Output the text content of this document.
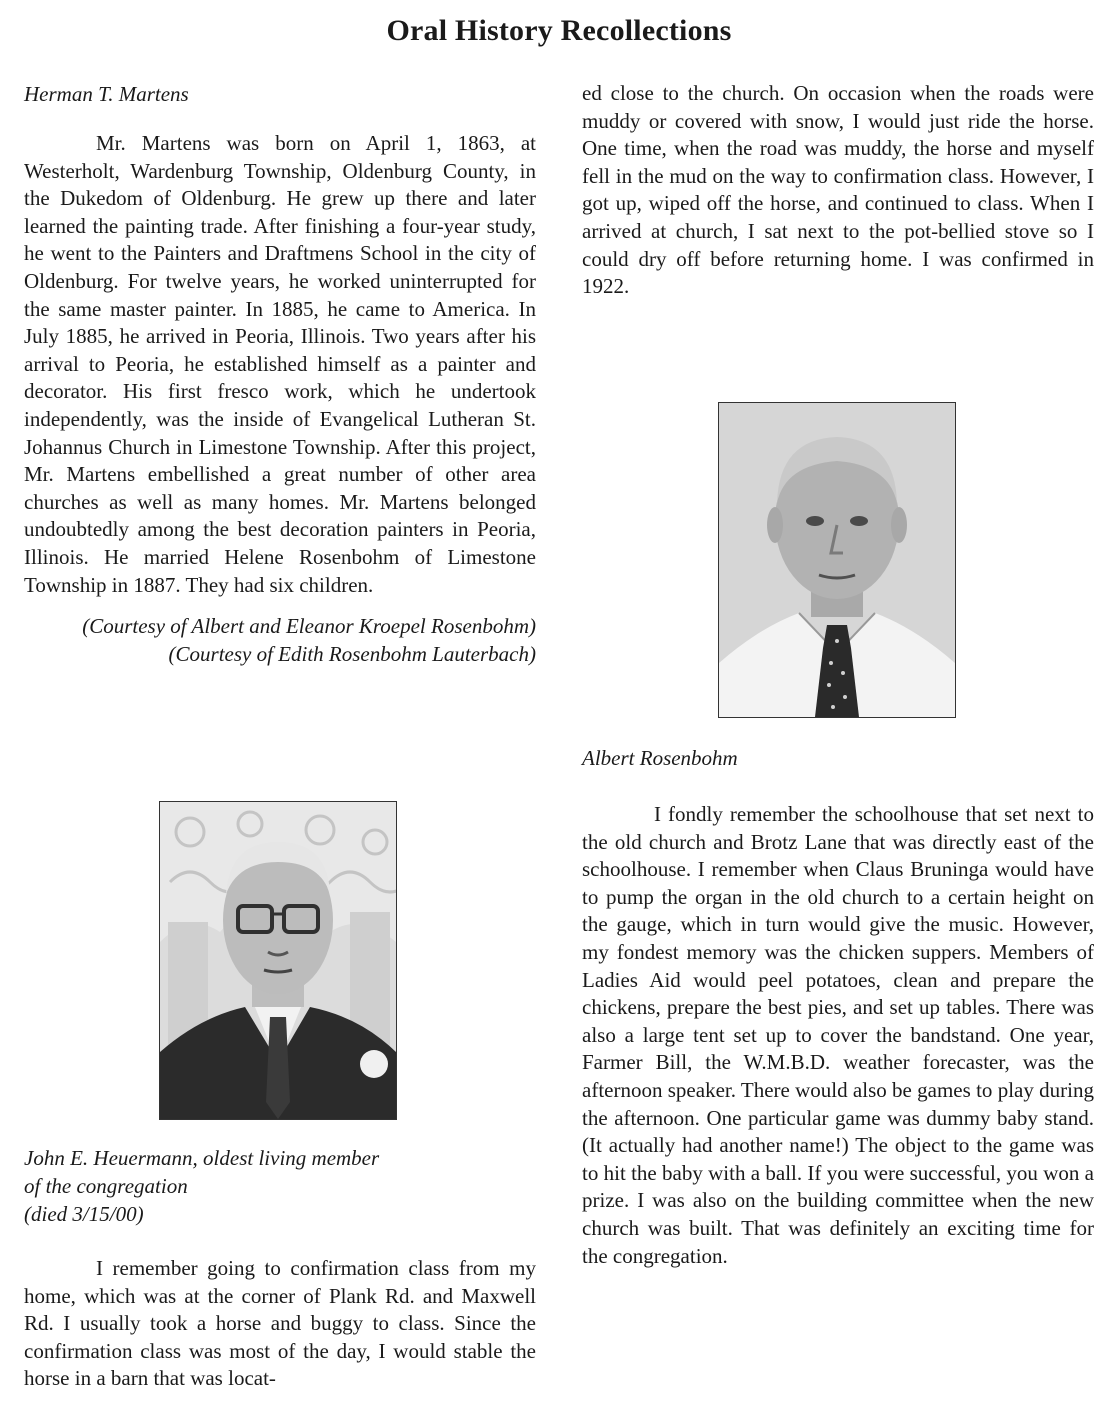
Oral History Recollections

Herman T. Martens

Mr. Martens was born on April 1, 1863, at Westerholt, Wardenburg Township, Oldenburg County, in the Dukedom of Oldenburg. He grew up there and later learned the painting trade. After finishing a four-year study, he went to the Painters and Draftmens School in the city of Oldenburg. For twelve years, he worked uninterrupted for the same master painter. In 1885, he came to America. In July 1885, he arrived in Peoria, Illinois. Two years after his arrival to Peoria, he established himself as a painter and decorator. His first fresco work, which he undertook independently, was the inside of Evangelical Lutheran St. Johannus Church in Limestone Township. After this project, Mr. Martens embellished a great number of other area churches as well as many homes. Mr. Martens belonged undoubtedly among the best decoration painters in Peoria, Illinois. He married Helene Rosenbohm of Limestone Township in 1887. They had six children.

(Courtesy of Albert and Eleanor Kroepel Rosenbohm)

(Courtesy of Edith Rosenbohm Lauterbach)

John E. Heuermann, oldest living member

of the congregation

(died 3/15/00)

I remember going to confirmation class from my home, which was at the corner of Plank Rd. and Maxwell Rd. I usually took a horse and buggy to class. Since the confirmation class was most of the day, I would stable the horse in a barn that was locat-

ed close to the church. On occasion when the roads were muddy or covered with snow, I would just ride the horse. One time, when the road was muddy, the horse and myself fell in the mud on the way to confirmation class. However, I got up, wiped off the horse, and continued to class. When I arrived at church, I sat next to the pot-bellied stove so I could dry off before returning home. I was confirmed in 1922.

Albert Rosenbohm

I fondly remember the schoolhouse that set next to the old church and Brotz Lane that was directly east of the schoolhouse. I remember when Claus Bruninga would have to pump the organ in the old church to a certain height on the gauge, which in turn would give the music. However, my fondest memory was the chicken suppers. Members of Ladies Aid would peel potatoes, clean and prepare the chickens, prepare the best pies, and set up tables. There was also a large tent set up to cover the bandstand. One year, Farmer Bill, the W.M.B.D. weather forecaster, was the afternoon speaker. There would also be games to play during the afternoon. One particular game was dummy baby stand. (It actually had another name!) The object to the game was to hit the baby with a ball. If you were successful, you won a prize. I was also on the building committee when the new church was built. That was definitely an exciting time for the congregation.
